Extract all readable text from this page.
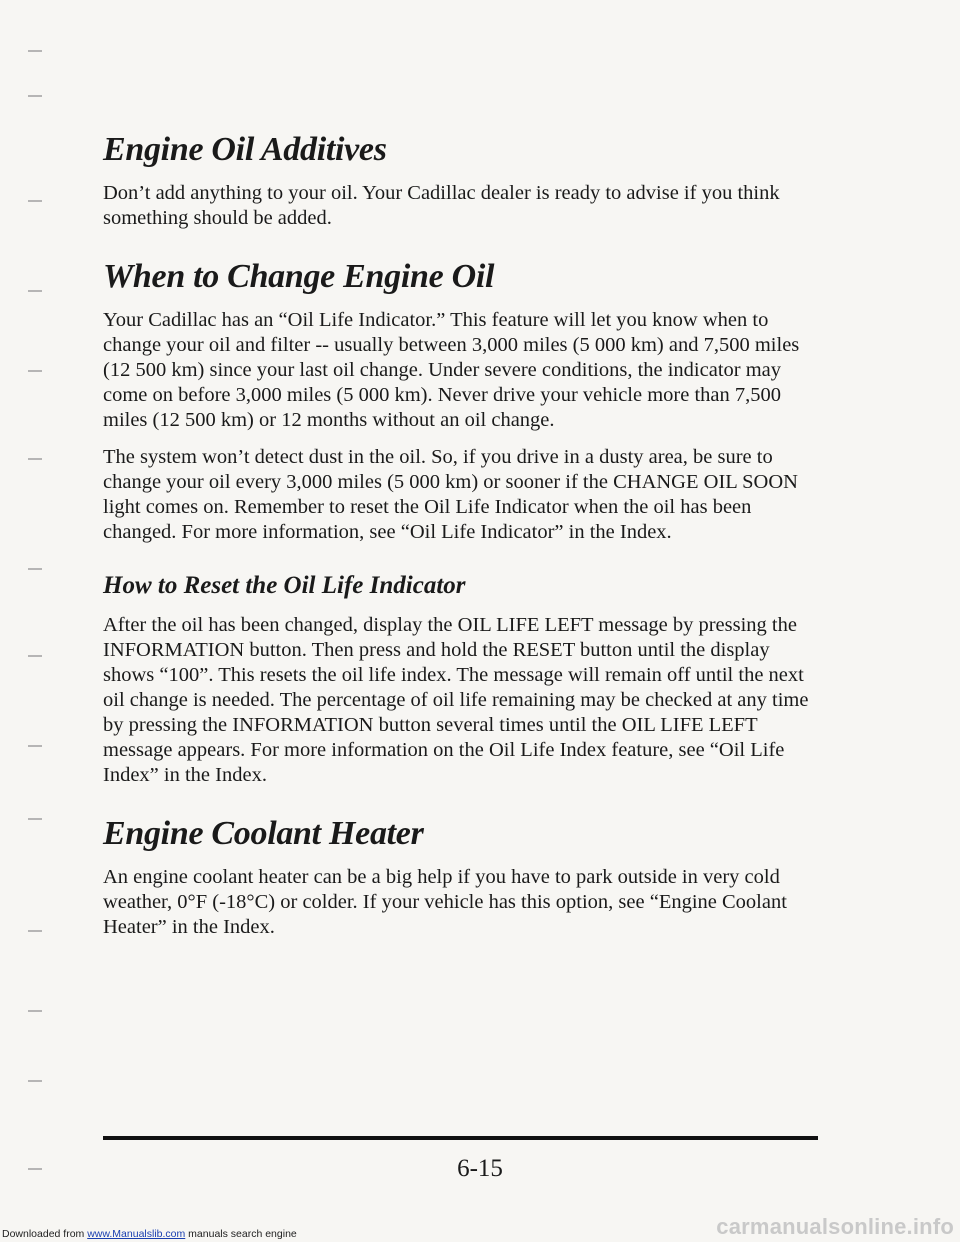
Engine Oil Additives

Don’t add anything to your oil. Your Cadillac dealer is ready to advise if you think something should be added.

When to Change Engine Oil

Your Cadillac has an “Oil Life Indicator.” This feature will let you know when to change your oil and filter -- usually between 3,000 miles (5 000 km) and 7,500 miles (12 500 km) since your last oil change. Under severe conditions, the indicator may come on before 3,000 miles (5 000 km). Never drive your vehicle more than 7,500 miles (12 500 km) or 12 months without an oil change.

The system won’t detect dust in the oil. So, if you drive in a dusty area, be sure to change your oil every 3,000 miles (5 000 km) or sooner if the CHANGE OIL SOON light comes on. Remember to reset the Oil Life Indicator when the oil has been changed. For more information, see “Oil Life Indicator” in the Index.

How to Reset the Oil Life Indicator

After the oil has been changed, display the OIL LIFE LEFT message by pressing the INFORMATION button. Then press and hold the RESET button until the display shows “100”. This resets the oil life index. The message will remain off until the next oil change is needed. The percentage of oil life remaining may be checked at any time by pressing the INFORMATION button several times until the OIL LIFE LEFT message appears. For more information on the Oil Life Index feature, see “Oil Life Index” in the Index.

Engine Coolant Heater

An engine coolant heater can be a big help if you have to park outside in very cold weather, 0°F (-18°C) or colder. If your vehicle has this option, see “Engine Coolant Heater” in the Index.

6-15
Downloaded from www.Manualslib.com manuals search engine	carmanualsonline.info
